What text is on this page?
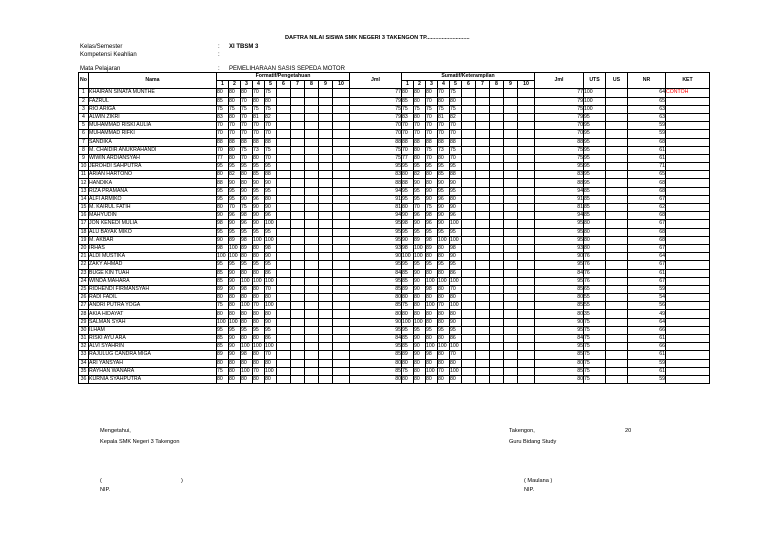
DAFTRA NILAI SISWA SMK NEGERI 3 TAKENGON TP............................
Kelas/Semester	: XI TBSM 3
Kompetensi Keahlian	:
Mata Pelajaran	: PEMELIHARAAN SASIS SEPEDA MOTOR
No	Nama	Formatif/Pengetahuan										Jml	Sumatif/Keterampilan										Jml	UTS	US	NR	KET
		1	2	3	4	5	6	7	8	9	10		1	2	3	4	5	6	7	8	9	10					
1	KHAIRAN SINATA MUNTHE	80	80	80	70	75						77	80	80	80	70	75						77	100		64	CONTOH
2	FAZRUL	85	80	70	80	80						79	85	80	70	80	80						79	100		65	
3	RIO ARIGA	75	75	75	75	75						75	75	75	75	75	75						75	100		63	
4	ALWIN ZIKRI	83	80	70	81	82						79	83	80	70	81	82						79	95		63	
5	MUHAMMAD RISKI AULIA	70	70	70	70	70						70	70	70	70	70	70						70	95		59	
6	MUHAMMAD RIFKI	70	70	70	70	70						70	70	70	70	70	70						70	95		59	
7	SANDIKA	88	88	88	88	88						88	88	88	88	88	88						88	95		68	
8	M. CHAIDIR ANUKRAHANDI	70	80	75	73	75						75	70	80	75	73	75						75	95		61	
9	WIWIN ARDIANSYAH	77	80	70	80	70						75	77	80	70	80	70						75	95		61	
10	JEROHDI SAHPUTRA	95	95	95	95	95						95	95	95	95	95	95						95	95		71	
11	ARIAN HARTONO	80	82	80	85	88						83	80	82	80	85	88						83	95		65	
12	HANDIKA	88	90	80	90	90						88	88	90	80	90	90						88	95		68	
13	RIZA PRAMANA	95	95	90	95	95						94	95	95	90	95	95						94	85		68	
14	ALFI ARMIKO	95	95	90	96	80						91	95	95	90	96	80						91	85		67	
15	M. KAIRUL FATIH	80	70	75	90	90						81	80	70	75	90	90						81	85		62	
16	MAHYUDIN	90	96	98	90	96						94	90	96	98	90	96						94	85		68	
17	JON KENEDI MULIA	98	90	96	90	100						95	98	90	96	90	100						95	80		67	
18	ALU BAYAK MIKO	95	95	95	95	95						95	95	95	95	95	95						95	80		68	
19	M. AKBAR	90	89	98	100	100						95	90	89	98	100	100						95	80		68	
20	IRHAS	98	100	89	80	98						93	98	100	89	80	98						93	80		67	
21	ALDI MUSTIKA	100	100	80	80	90						90	100	100	80	80	90						90	76		64	
22	ZAKY AHMAD	95	95	95	95	95						95	95	95	95	95	95						95	76		67	
23	BUGE KIN TUAH	85	90	80	80	86						84	85	90	80	80	86						84	76		61	
24	WINDA MAHARA	85	90	100	100	100						95	85	90	100	100	100						95	76		67	
25	RIDHENDI FIRMANSYAH	89	90	98	80	70						85	89	90	98	80	70						85	65		59	
26	RADI FADIL	80	80	80	80	80						80	80	80	80	80	80						80	55		54	
27	ANDRI PUTRA YOGA	75	80	100	70	100						85	75	80	100	70	100						85	55		56	
28	AKIA HIDAYAT	80	80	80	80	80						80	80	80	80	80	80						80	35		49	
29	SALMAN SYAH	100	100	80	80	90						90	100	100	80	80	90						90	75		64	
30	ILHAM	95	95	95	95	95						95	95	95	95	95	95						95	75		66	
31	RISKI AYU ARA	85	90	80	80	86						84	85	90	80	80	86						84	75		61	
32	ALVI SYAHRIN	85	90	100	100	100						95	85	90	100	100	100						95	75		66	
33	RAJULUG CANDRA MIGA	89	90	98	80	70						85	89	90	98	80	70						85	75		61	
34	ARI YANSYAH	80	80	80	80	80						80	80	80	80	80	80						80	75		59	
35	RAYHAN WANARA	75	80	100	70	100						85	75	80	100	70	100						85	75		61	
36	KURNIA SYAHPUTRA	80	80	80	80	80						80	80	80	80	80	80						80	75		59	
Mengetahui,
Kepala SMK Negeri 3 Takengon
(	)
NIP.
Takengon,	20
Guru Bidang Study
( Maulana )
NIP.
